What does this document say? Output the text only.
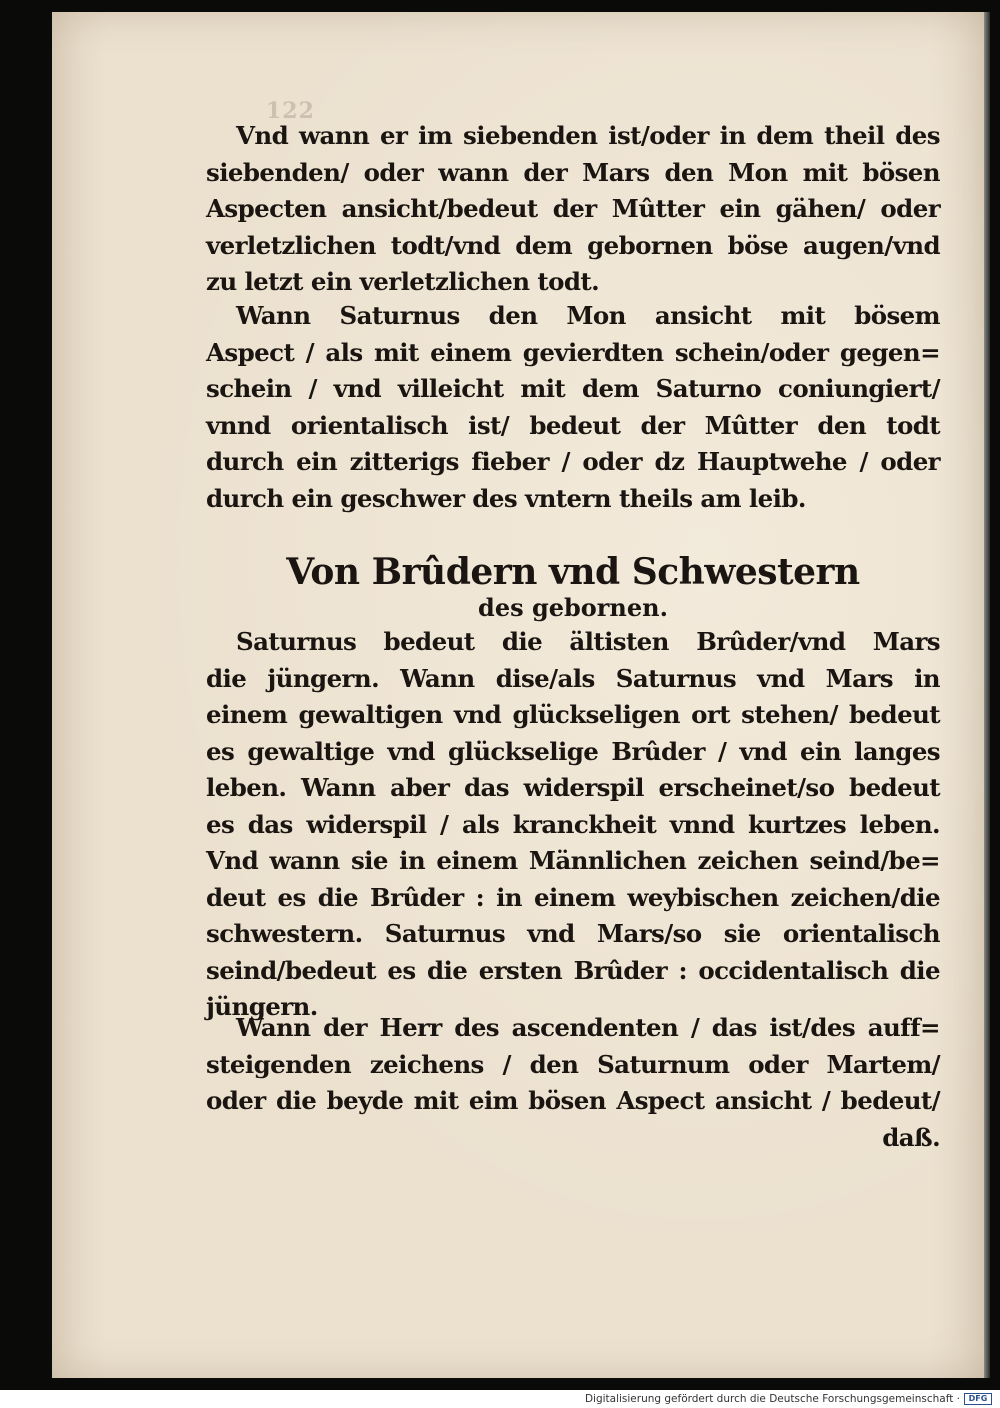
122
Vnd wann er im siebenden ist/oder in dem theil des
siebenden/ oder wann der Mars den Mon mit bösen
Aspecten ansicht/bedeut der Mûtter ein gähen/ oder
verletzlichen todt/vnd dem gebornen böse augen/vnd
zu letzt ein verletzlichen todt.
Wann Saturnus den Mon ansicht mit bösem
Aspect / als mit einem gevierdten schein/oder gegen=
schein / vnd villeicht mit dem Saturno coniungiert/
vnnd orientalisch ist/ bedeut der Mûtter den todt
durch ein zitterigs fieber / oder dz Hauptwehe / oder
durch ein geschwer des vntern theils am leib.
Von Brûdern vnd Schwestern
des gebornen.
Saturnus bedeut die ältisten Brûder/vnd Mars
die jüngern. Wann dise/als Saturnus vnd Mars in
einem gewaltigen vnd glückseligen ort stehen/ bedeut
es gewaltige vnd glückselige Brûder / vnd ein langes
leben. Wann aber das widerspil erscheinet/so bedeut
es das widerspil / als kranckheit vnnd kurtzes leben.
Vnd wann sie in einem Männlichen zeichen seind/be=
deut es die Brûder : in einem weybischen zeichen/die
schwestern. Saturnus vnd Mars/so sie orientalisch
seind/bedeut es die ersten Brûder : occidentalisch die
jüngern.
Wann der Herr des ascendenten / das ist/des auff=
steigenden zeichens / den Saturnum oder Martem/
oder die beyde mit eim bösen Aspect ansicht / bedeut/
daß.
Digitalisierung gefördert durch die Deutsche Forschungsgemeinschaft ·	DFG
